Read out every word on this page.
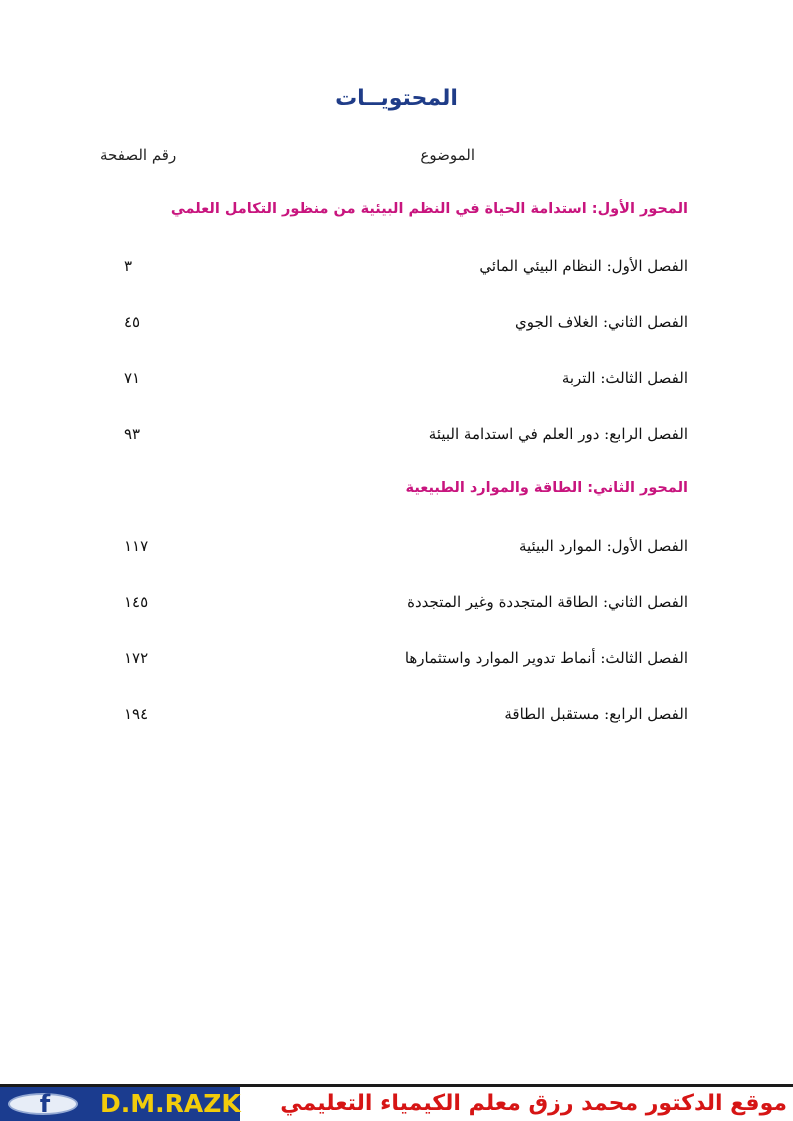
المحتويــات
الموضوع
رقم الصفحة
المحور الأول: استدامة الحياة في النظم البيئية من منظور التكامل العلمي
الفصل الأول: النظام البيئي المائي
٣
الفصل الثاني: الغلاف الجوي
٤٥
الفصل الثالث: التربة
٧١
الفصل الرابع: دور العلم في استدامة البيئة
٩٣
المحور الثاني: الطاقة والموارد الطبيعية
الفصل الأول: الموارد البيئية
١١٧
الفصل الثاني: الطاقة المتجددة وغير المتجددة
١٤٥
الفصل الثالث: أنماط تدوير الموارد واستثمارها
١٧٢
الفصل الرابع: مستقبل الطاقة
١٩٤
f	D.M.RAZK موقع الدكتور محمد رزق معلم الكيمياء التعليمي
